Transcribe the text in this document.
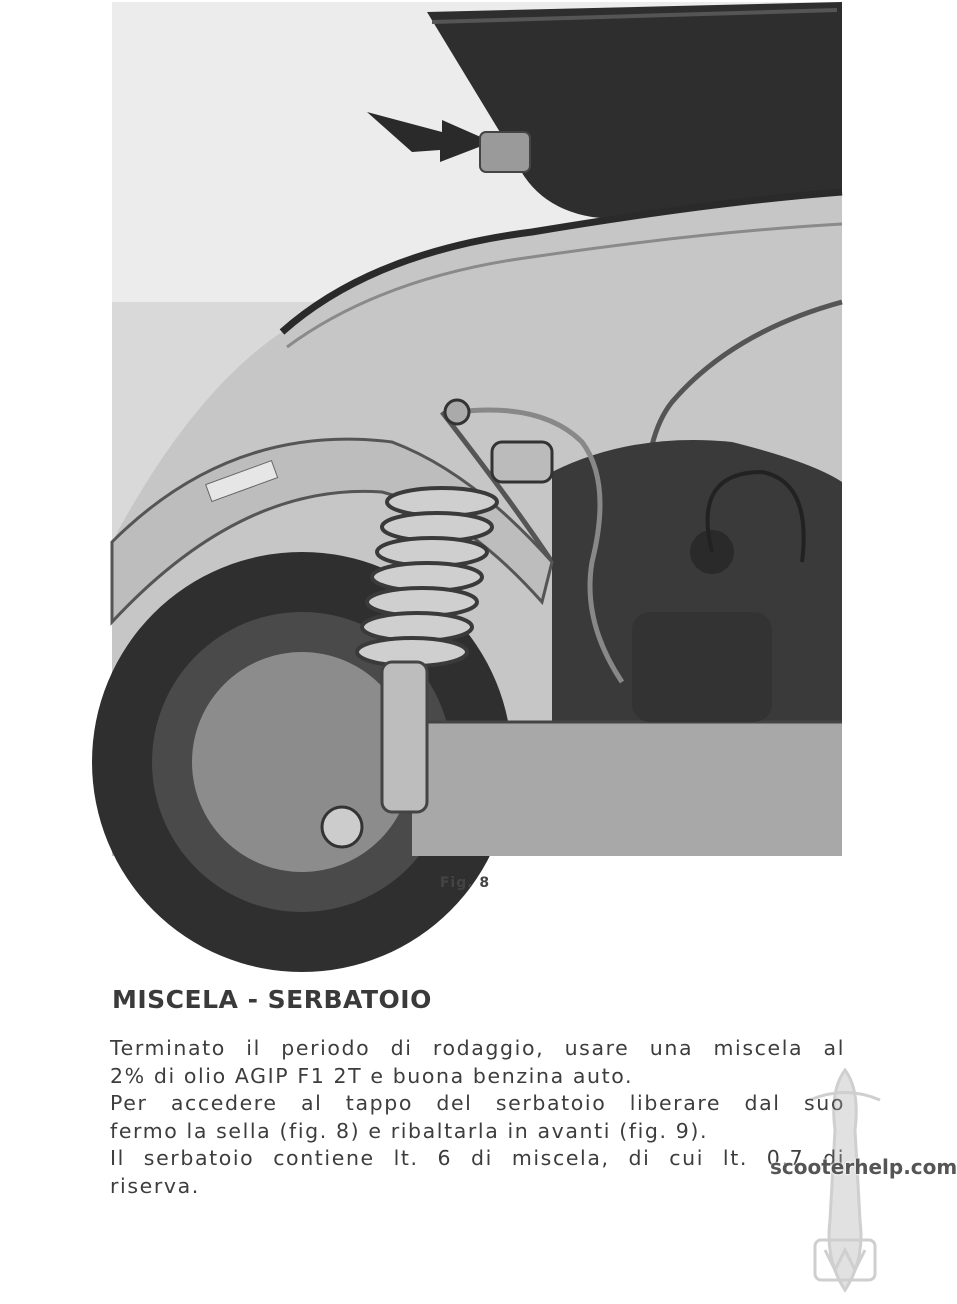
Fig. 8
MISCELA - SERBATOIO
Terminato il periodo di rodaggio, usare una miscela al
2% di olio AGIP F1 2T e buona benzina auto.
Per accedere al tappo del serbatoio liberare dal suo
fermo la sella (fig. 8) e ribaltarla in avanti (fig. 9).
Il serbatoio contiene lt. 6 di miscela, di cui lt. 0,7 di
riserva.
scooterhelp.com
